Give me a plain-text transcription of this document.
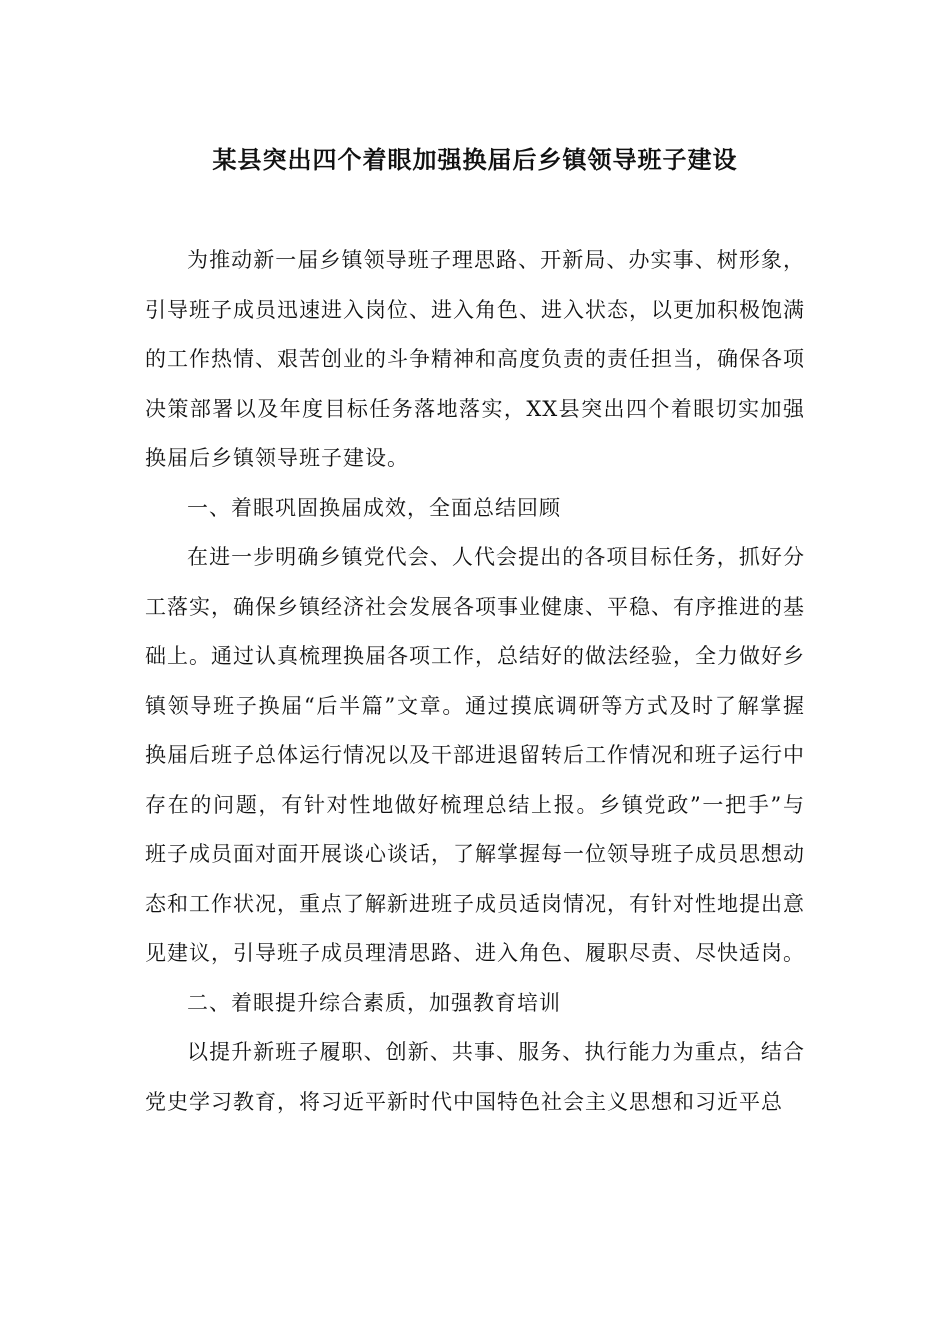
某县突出四个着眼加强换届后乡镇领导班子建设

为推动新一届乡镇领导班子理思路、开新局、办实事、树形象，引导班子成员迅速进入岗位、进入角色、进入状态，以更加积极饱满的工作热情、艰苦创业的斗争精神和高度负责的责任担当，确保各项决策部署以及年度目标任务落地落实，XX县突出四个着眼切实加强换届后乡镇领导班子建设。

一、着眼巩固换届成效，全面总结回顾

在进一步明确乡镇党代会、人代会提出的各项目标任务，抓好分工落实，确保乡镇经济社会发展各项事业健康、平稳、有序推进的基础上。通过认真梳理换届各项工作，总结好的做法经验，全力做好乡镇领导班子换届“后半篇”文章。通过摸底调研等方式及时了解掌握换届后班子总体运行情况以及干部进退留转后工作情况和班子运行中存在的问题，有针对性地做好梳理总结上报。乡镇党政”一把手”与班子成员面对面开展谈心谈话，了解掌握每一位领导班子成员思想动态和工作状况，重点了解新进班子成员适岗情况，有针对性地提出意见建议，引导班子成员理清思路、进入角色、履职尽责、尽快适岗。

二、着眼提升综合素质，加强教育培训

以提升新班子履职、创新、共事、服务、执行能力为重点，结合党史学习教育，将习近平新时代中国特色社会主义思想和习近平总
